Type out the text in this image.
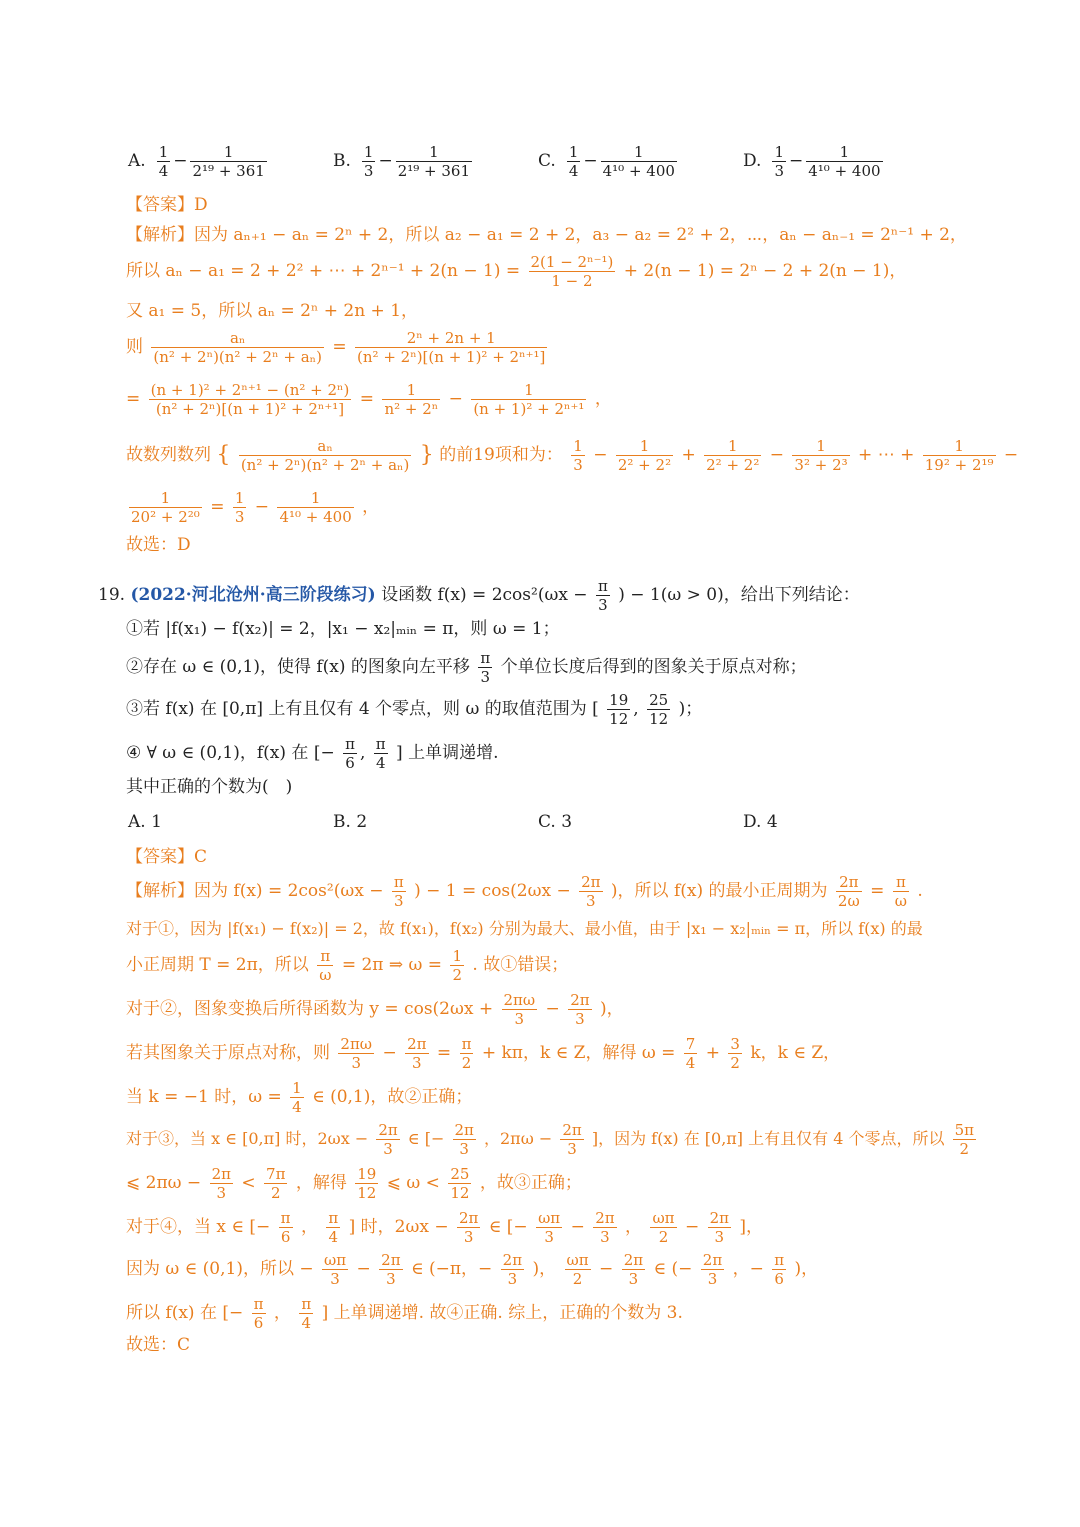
A. $\frac{1}{4} - \frac{1}{\text{2¹⁹ + 361}}$	B. $\frac{1}{3} - \frac{1}{\text{2¹⁹ + 361}}$	C. $\frac{1}{4} - \frac{1}{\text{4¹⁰ + 400}}$	D. $\frac{1}{3} - \frac{1}{\text{4¹⁰ + 400}}$
【答案】D
【解析】因为 aₙ₊₁ − aₙ = 2ⁿ + 2，所以 a₂ − a₁ = 2 + 2，a₃ − a₂ = 2² + 2，⋯，aₙ − aₙ₋₁ = 2ⁿ⁻¹ + 2，
所以 aₙ − a₁ = 2 + 2² + ⋯ + $2^{n-1} + 2(n - 1) = \frac{\text{2(1 − 2ⁿ⁻¹)}}{1 - 2} + 2(n - 1) = 2^n - 2 + 2(n - 1)$，
又 a₁ = 5，所以 aₙ = 2ⁿ + 2n + 1，
则 $\frac{\text{aₙ}}{\text{(n² + 2ⁿ)(n² + 2ⁿ + aₙ)}} = \frac{\text{2ⁿ + 2n + 1}}{\text{(n² + 2ⁿ)[(n + 1)² + 2ⁿ⁺¹]}}$
= $\frac{\text{(n + 1)² + 2ⁿ⁺¹ − (n² + 2ⁿ)}}{\text{(n² + 2ⁿ)[(n + 1)² + 2ⁿ⁺¹]}} = \frac{1}{\text{n² + 2ⁿ}} - \frac{1}{\text{(n + 1)² + 2ⁿ⁺¹}}$ ，
故数列数列 { $\frac{\text{aₙ}}{\text{(n² + 2ⁿ)(n² + 2ⁿ + aₙ)}}$ } 的前19项和为： $\frac{1}{3} - \frac{1}{\text{2² + 2²}} + \frac{1}{\text{2² + 2²}} - \frac{1}{\text{3² + 2³}}$ + ⋯ + $\frac{1}{\text{19² + 2¹⁹}}$ −
$\frac{1}{\text{20² + 2²⁰}} = \frac{1}{3} - \frac{1}{\text{4¹⁰ + 400}}$ ，
故选：D
19. (2022·河北沧州·高三阶段练习) 设函数 $f(x) = 2\cos^2(\omega x - \frac{\pi}{3}$ ) − 1(ω > 0)，给出下列结论：
①若 |f(x₁) − f(x₂)| = 2，|x₁ − x₂|ₘᵢₙ = π，则 ω = 1；
②存在 ω ∈ (0,1)，使得 f(x) 的图象向左平移 $\frac{\pi}{3}$ 个单位长度后得到的图象关于原点对称；
③若 f(x) 在 [0,π] 上有且仅有 4 个零点，则 ω 的取值范围为 [ $\frac{19}{12}$ , $\frac{25}{12}$ )；
④ ∀ ω ∈ (0,1)，f(x) 在 [− $\frac{\pi}{6}$ , $\frac{\pi}{4}$ ] 上单调递增.
其中正确的个数为(　)
A. 1	B. 2	C. 3	D. 4
【答案】C
【解析】因为 $f(x) = 2\cos^2(\omega x - \frac{\pi}{3}$ ) − $1 = \cos(2\omega x - \frac{2\pi}{3}$ )，所以 f(x) 的最小正周期为 $\frac{2\pi}{2\omega} = \frac{\pi}{\omega}$ .
对于①，因为 |f(x₁) − f(x₂)| = 2，故 f(x₁)，f(x₂) 分别为最大、最小值，由于 |x₁ − x₂|ₘᵢₙ = π，所以 f(x) 的最
小正周期 T = 2π，所以 $\frac{\pi}{\omega} = 2\pi$ ⇒ $\omega = \frac{1}{2}$ . 故①错误；
对于②，图象变换后所得函数为 $y = \cos(2\omega x + \frac{2\pi\omega}{3} - \frac{2\pi}{3}$ )，
若其图象关于原点对称，则 $\frac{2\pi\omega}{3} - \frac{2\pi}{3} = \frac{\pi}{2} + k\pi$，k ∈ Z，解得 $\omega = \frac{7}{4} + \frac{3}{2}$ k，k ∈ Z，
当 k = −1 时，$\omega = \frac{1}{4}$ ∈ (0,1)，故②正确；
对于③，当 x ∈ [0,π] 时，$2\omega x - \frac{2\pi}{3}$ ∈ [− $\frac{2\pi}{3}$ ，$2\pi\omega - \frac{2\pi}{3}$ ]，因为 f(x) 在 [0,π] 上有且仅有 4 个零点，所以 $\frac{5\pi}{2}$
⩽ $2\pi\omega - \frac{2\pi}{3} < \frac{7\pi}{2}$ ，解得 $\frac{19}{12}$ ⩽ $\omega < \frac{25}{12}$ ，故③正确；
对于④，当 x ∈ [− $\frac{\pi}{6}$ ， $\frac{\pi}{4}$ ] 时，$2\omega x - \frac{2\pi}{3}$ ∈ [− $\frac{\omega\pi}{3} - \frac{2\pi}{3}$ ， $\frac{\omega\pi}{2} - \frac{2\pi}{3}$ ]，
因为 ω ∈ (0,1)，所以 − $\frac{\omega\pi}{3} - \frac{2\pi}{3}$ ∈ (−π，− $\frac{2\pi}{3}$ )， $\frac{\omega\pi}{2} - \frac{2\pi}{3}$ ∈ (− $\frac{2\pi}{3}$ ，− $\frac{\pi}{6}$ )，
所以 f(x) 在 [− $\frac{\pi}{6}$ ， $\frac{\pi}{4}$ ] 上单调递增. 故④正确. 综上，正确的个数为 3.
故选：C
